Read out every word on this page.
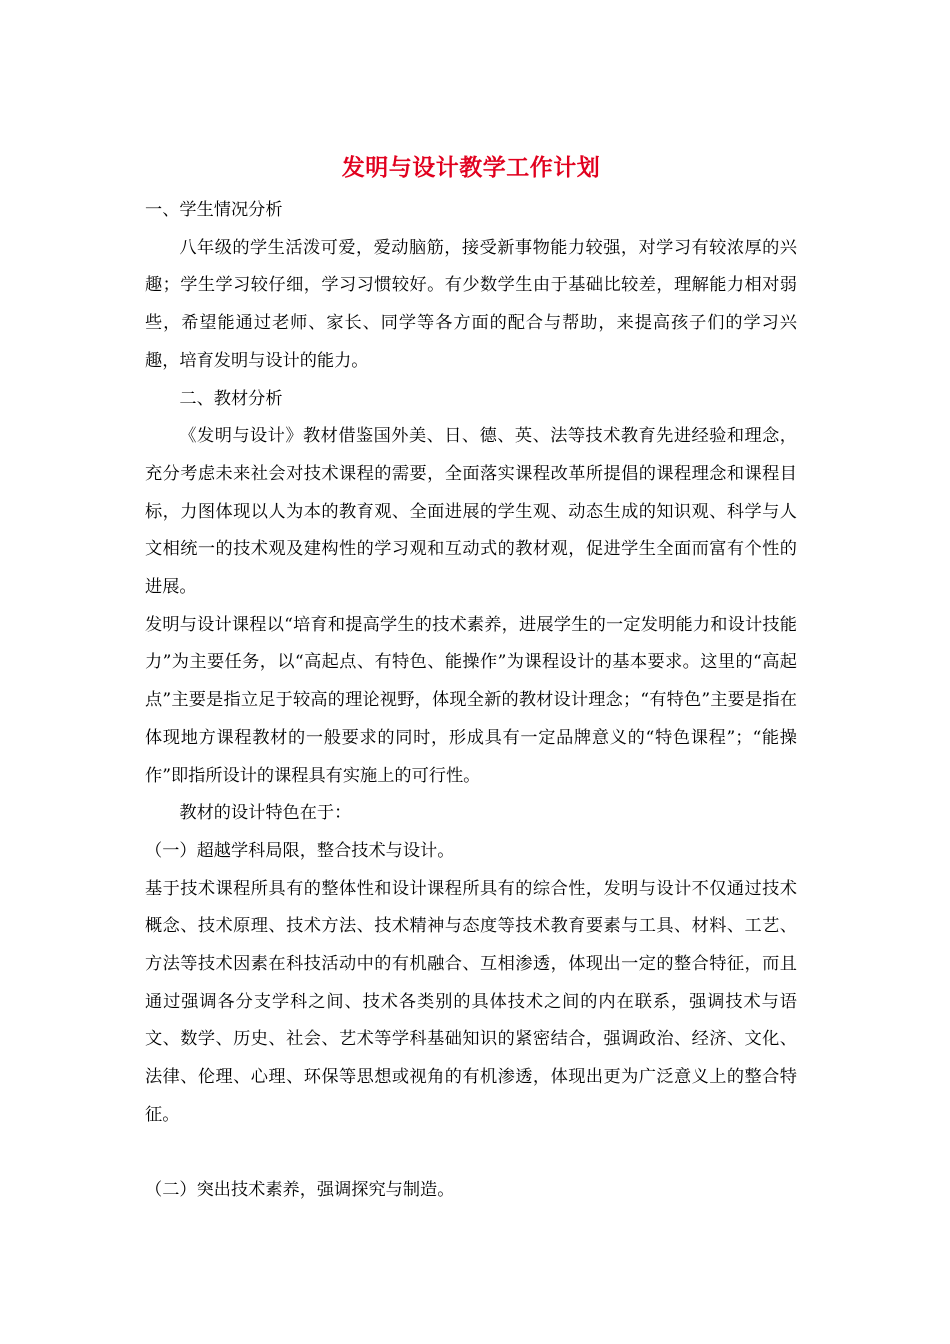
发明与设计教学工作计划

一、学生情况分析

八年级的学生活泼可爱，爱动脑筋，接受新事物能力较强，对学习有较浓厚的兴趣；学生学习较仔细，学习习惯较好。有少数学生由于基础比较差，理解能力相对弱些，希望能通过老师、家长、同学等各方面的配合与帮助，来提高孩子们的学习兴趣，培育发明与设计的能力。

二、教材分析

《发明与设计》教材借鉴国外美、日、德、英、法等技术教育先进经验和理念，充分考虑未来社会对技术课程的需要，全面落实课程改革所提倡的课程理念和课程目标，力图体现以人为本的教育观、全面进展的学生观、动态生成的知识观、科学与人文相统一的技术观及建构性的学习观和互动式的教材观，促进学生全面而富有个性的进展。

发明与设计课程以“培育和提高学生的技术素养，进展学生的一定发明能力和设计技能力”为主要任务，以“高起点、有特色、能操作”为课程设计的基本要求。这里的“高起点”主要是指立足于较高的理论视野，体现全新的教材设计理念；“有特色”主要是指在体现地方课程教材的一般要求的同时，形成具有一定品牌意义的“特色课程”；“能操作”即指所设计的课程具有实施上的可行性。

教材的设计特色在于：

（一）超越学科局限，整合技术与设计。

基于技术课程所具有的整体性和设计课程所具有的综合性，发明与设计不仅通过技术概念、技术原理、技术方法、技术精神与态度等技术教育要素与工具、材料、工艺、方法等技术因素在科技活动中的有机融合、互相渗透，体现出一定的整合特征，而且通过强调各分支学科之间、技术各类别的具体技术之间的内在联系，强调技术与语文、数学、历史、社会、艺术等学科基础知识的紧密结合，强调政治、经济、文化、法律、伦理、心理、环保等思想或视角的有机渗透，体现出更为广泛意义上的整合特征。

（二）突出技术素养，强调探究与制造。
